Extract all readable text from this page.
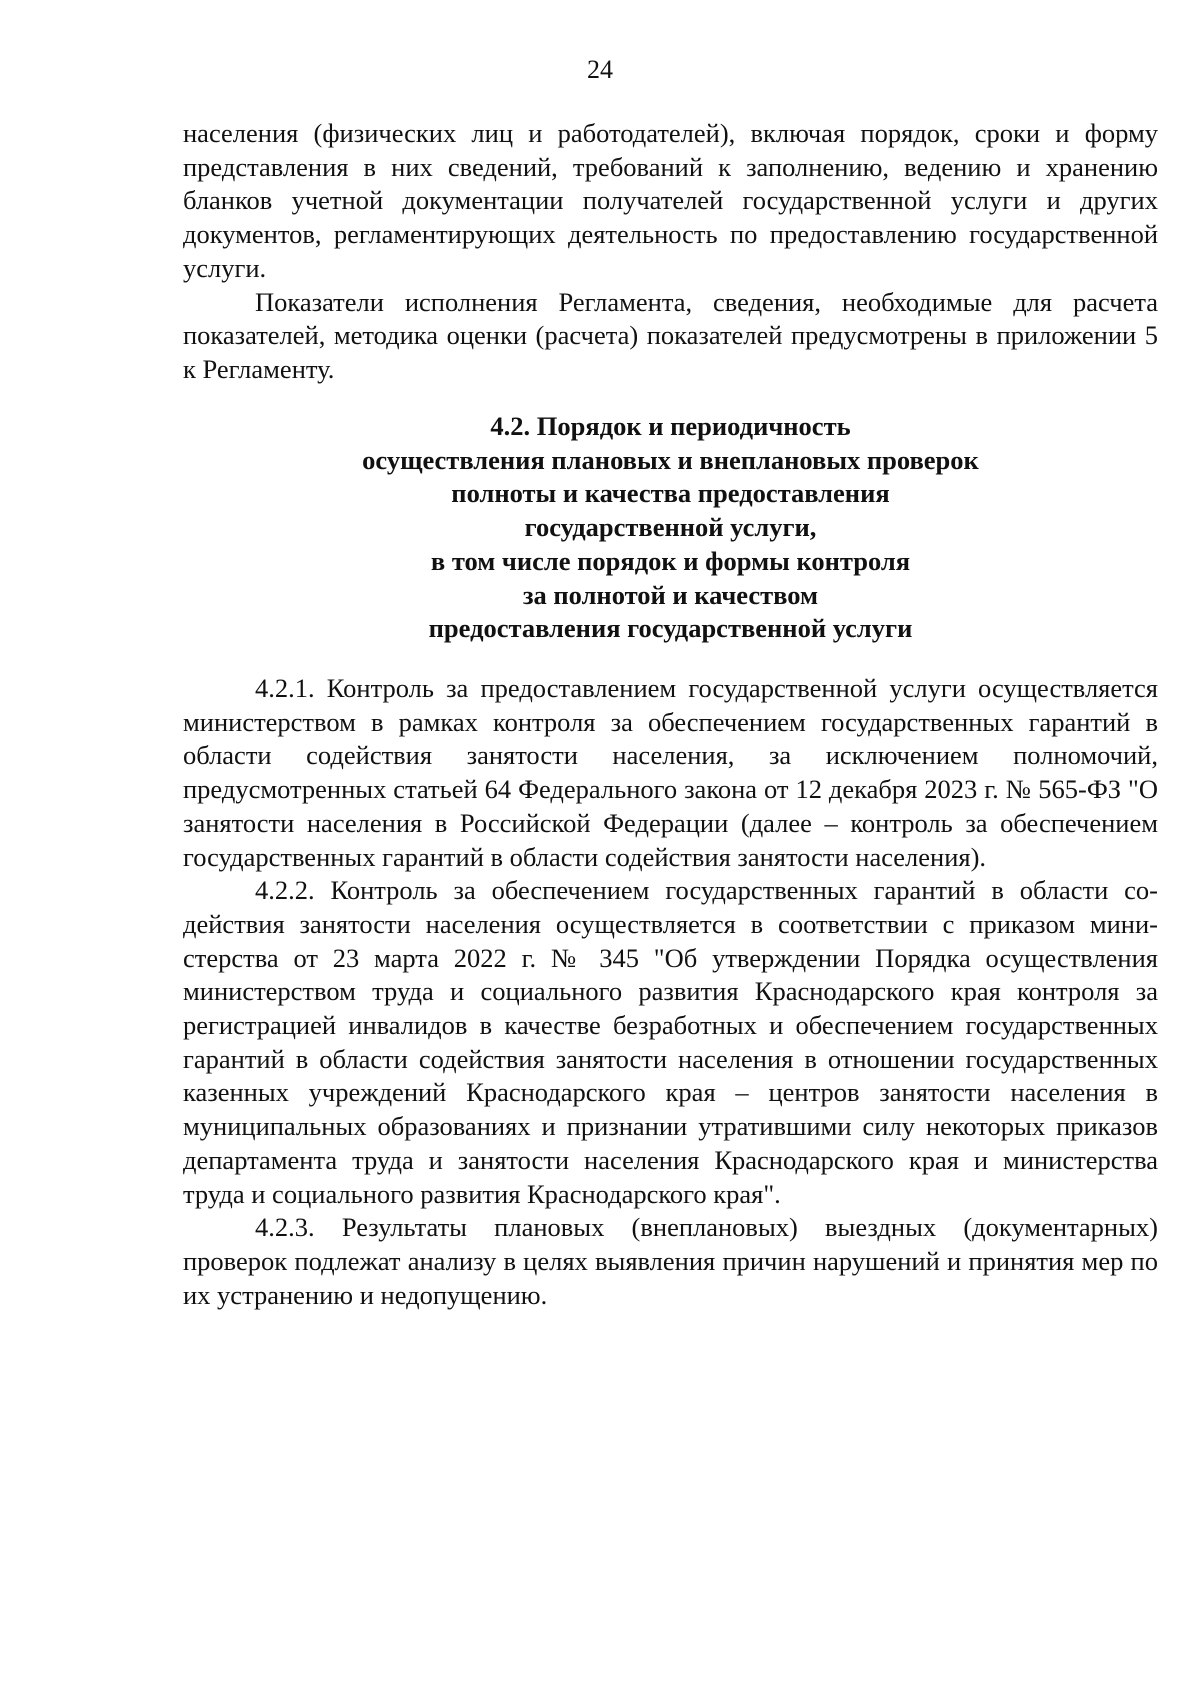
24

населения (физических лиц и работодателей), включая порядок, сроки и форму представления в них сведений, требований к заполнению, ведению и хранению бланков учетной документации получателей государственной услуги и других документов, регламентирующих деятельность по предоставлению государственной услуги.

Показатели исполнения Регламента, сведения, необходимые для расчета показателей, методика оценки (расчета) показателей предусмотрены в приложении 5 к Регламенту.

4.2. Порядок и периодичность
осуществления плановых и внеплановых проверок
полноты и качества предоставления
государственной услуги,
в том числе порядок и формы контроля
за полнотой и качеством
предоставления государственной услуги

4.2.1. Контроль за предоставлением государственной услуги осуществляется министерством в рамках контроля за обеспечением государственных гарантий в области содействия занятости населения, за исключением полномочий, предусмотренных статьей 64 Федерального закона от 12 декабря 2023 г. № 565-ФЗ "О занятости населения в Российской Федерации (далее – контроль за обеспечением государственных гарантий в области содействия занятости населения).

4.2.2. Контроль за обеспечением государственных гарантий в области содействия занятости населения осуществляется в соответствии с приказом министерства от 23 марта 2022 г. № 345 "Об утверждении Порядка осуществления министерством труда и социального развития Краснодарского края контроля за регистрацией инвалидов в качестве безработных и обеспечением государственных гарантий в области содействия занятости населения в отношении государственных казенных учреждений Краснодарского края – центров занятости населения в муниципальных образованиях и признании утратившими силу некоторых приказов департамента труда и занятости населения Краснодарского края и министерства труда и социального развития Краснодарского края".

4.2.3. Результаты плановых (внеплановых) выездных (документарных) проверок подлежат анализу в целях выявления причин нарушений и принятия мер по их устранению и недопущению.
